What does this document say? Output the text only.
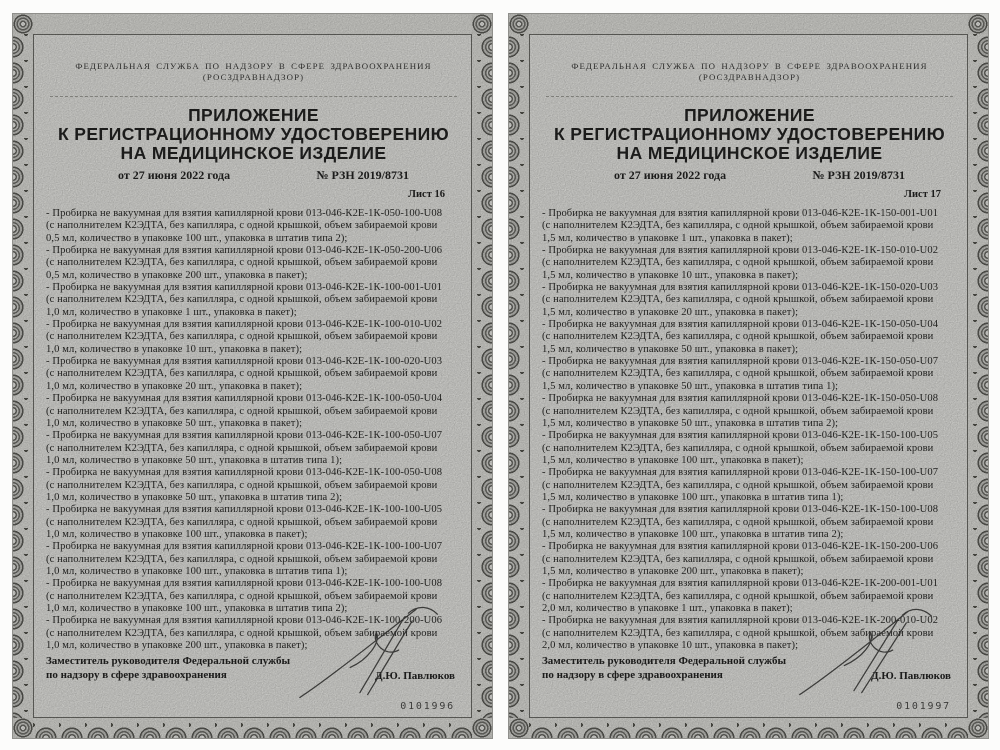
ФЕДЕРАЛЬНАЯ СЛУЖБА ПО НАДЗОРУ В СФЕРЕ ЗДРАВООХРАНЕНИЯ
(РОСЗДРАВНАДЗОР)
ПРИЛОЖЕНИЕ
К РЕГИСТРАЦИОННОМУ УДОСТОВЕРЕНИЮ
НА МЕДИЦИНСКОЕ ИЗДЕЛИЕ
от 27 июня 2022 года	№ РЗН 2019/8731
Лист 16
- Пробирка не вакуумная для взятия капиллярной крови 013-046-К2Е-1К-050-100-U08
(с наполнителем К2ЭДТА, без капилляра, с одной крышкой, объем забираемой крови
0,5 мл, количество в упаковке 100 шт., упаковка в штатив типа 2);
- Пробирка не вакуумная для взятия капиллярной крови 013-046-К2Е-1К-050-200-U06
(с наполнителем К2ЭДТА, без капилляра, с одной крышкой, объем забираемой крови
0,5 мл, количество в упаковке 200 шт., упаковка в пакет);
- Пробирка не вакуумная для взятия капиллярной крови 013-046-К2Е-1К-100-001-U01
(с наполнителем К2ЭДТА, без капилляра, с одной крышкой, объем забираемой крови
1,0 мл, количество в упаковке 1 шт., упаковка в пакет);
- Пробирка не вакуумная для взятия капиллярной крови 013-046-К2Е-1К-100-010-U02
(с наполнителем К2ЭДТА, без капилляра, с одной крышкой, объем забираемой крови
1,0 мл, количество в упаковке 10 шт., упаковка в пакет);
- Пробирка не вакуумная для взятия капиллярной крови 013-046-К2Е-1К-100-020-U03
(с наполнителем К2ЭДТА, без капилляра, с одной крышкой, объем забираемой крови
1,0 мл, количество в упаковке 20 шт., упаковка в пакет);
- Пробирка не вакуумная для взятия капиллярной крови 013-046-К2Е-1К-100-050-U04
(с наполнителем К2ЭДТА, без капилляра, с одной крышкой, объем забираемой крови
1,0 мл, количество в упаковке 50 шт., упаковка в пакет);
- Пробирка не вакуумная для взятия капиллярной крови 013-046-К2Е-1К-100-050-U07
(с наполнителем К2ЭДТА, без капилляра, с одной крышкой, объем забираемой крови
1,0 мл, количество в упаковке 50 шт., упаковка в штатив типа 1);
- Пробирка не вакуумная для взятия капиллярной крови 013-046-К2Е-1К-100-050-U08
(с наполнителем К2ЭДТА, без капилляра, с одной крышкой, объем забираемой крови
1,0 мл, количество в упаковке 50 шт., упаковка в штатив типа 2);
- Пробирка не вакуумная для взятия капиллярной крови 013-046-К2Е-1К-100-100-U05
(с наполнителем К2ЭДТА, без капилляра, с одной крышкой, объем забираемой крови
1,0 мл, количество в упаковке 100 шт., упаковка в пакет);
- Пробирка не вакуумная для взятия капиллярной крови 013-046-К2Е-1К-100-100-U07
(с наполнителем К2ЭДТА, без капилляра, с одной крышкой, объем забираемой крови
1,0 мл, количество в упаковке 100 шт., упаковка в штатив типа 1);
- Пробирка не вакуумная для взятия капиллярной крови 013-046-К2Е-1К-100-100-U08
(с наполнителем К2ЭДТА, без капилляра, с одной крышкой, объем забираемой крови
1,0 мл, количество в упаковке 100 шт., упаковка в штатив типа 2);
- Пробирка не вакуумная для взятия капиллярной крови 013-046-К2Е-1К-100-200-U06
(с наполнителем К2ЭДТА, без капилляра, с одной крышкой, объем забираемой крови
1,0 мл, количество в упаковке 200 шт., упаковка в пакет);
Заместитель руководителя Федеральной службы
по надзору в сфере здравоохранения	Д.Ю. Павлюков
0101996
ФЕДЕРАЛЬНАЯ СЛУЖБА ПО НАДЗОРУ В СФЕРЕ ЗДРАВООХРАНЕНИЯ
(РОСЗДРАВНАДЗОР)
ПРИЛОЖЕНИЕ
К РЕГИСТРАЦИОННОМУ УДОСТОВЕРЕНИЮ
НА МЕДИЦИНСКОЕ ИЗДЕЛИЕ
от 27 июня 2022 года	№ РЗН 2019/8731
Лист 17
- Пробирка не вакуумная для взятия капиллярной крови 013-046-К2Е-1К-150-001-U01
(с наполнителем К2ЭДТА, без капилляра, с одной крышкой, объем забираемой крови
1,5 мл, количество в упаковке 1 шт., упаковка в пакет);
- Пробирка не вакуумная для взятия капиллярной крови 013-046-К2Е-1К-150-010-U02
(с наполнителем К2ЭДТА, без капилляра, с одной крышкой, объем забираемой крови
1,5 мл, количество в упаковке 10 шт., упаковка в пакет);
- Пробирка не вакуумная для взятия капиллярной крови 013-046-К2Е-1К-150-020-U03
(с наполнителем К2ЭДТА, без капилляра, с одной крышкой, объем забираемой крови
1,5 мл, количество в упаковке 20 шт., упаковка в пакет);
- Пробирка не вакуумная для взятия капиллярной крови 013-046-К2Е-1К-150-050-U04
(с наполнителем К2ЭДТА, без капилляра, с одной крышкой, объем забираемой крови
1,5 мл, количество в упаковке 50 шт., упаковка в пакет);
- Пробирка не вакуумная для взятия капиллярной крови 013-046-К2Е-1К-150-050-U07
(с наполнителем К2ЭДТА, без капилляра, с одной крышкой, объем забираемой крови
1,5 мл, количество в упаковке 50 шт., упаковка в штатив типа 1);
- Пробирка не вакуумная для взятия капиллярной крови 013-046-К2Е-1К-150-050-U08
(с наполнителем К2ЭДТА, без капилляра, с одной крышкой, объем забираемой крови
1,5 мл, количество в упаковке 50 шт., упаковка в штатив типа 2);
- Пробирка не вакуумная для взятия капиллярной крови 013-046-К2Е-1К-150-100-U05
(с наполнителем К2ЭДТА, без капилляра, с одной крышкой, объем забираемой крови
1,5 мл, количество в упаковке 100 шт., упаковка в пакет);
- Пробирка не вакуумная для взятия капиллярной крови 013-046-К2Е-1К-150-100-U07
(с наполнителем К2ЭДТА, без капилляра, с одной крышкой, объем забираемой крови
1,5 мл, количество в упаковке 100 шт., упаковка в штатив типа 1);
- Пробирка не вакуумная для взятия капиллярной крови 013-046-К2Е-1К-150-100-U08
(с наполнителем К2ЭДТА, без капилляра, с одной крышкой, объем забираемой крови
1,5 мл, количество в упаковке 100 шт., упаковка в штатив типа 2);
- Пробирка не вакуумная для взятия капиллярной крови 013-046-К2Е-1К-150-200-U06
(с наполнителем К2ЭДТА, без капилляра, с одной крышкой, объем забираемой крови
1,5 мл, количество в упаковке 200 шт., упаковка в пакет);
- Пробирка не вакуумная для взятия капиллярной крови 013-046-К2Е-1К-200-001-U01
(с наполнителем К2ЭДТА, без капилляра, с одной крышкой, объем забираемой крови
2,0 мл, количество в упаковке 1 шт., упаковка в пакет);
- Пробирка не вакуумная для взятия капиллярной крови 013-046-К2Е-1К-200-010-U02
(с наполнителем К2ЭДТА, без капилляра, с одной крышкой, объем забираемой крови
2,0 мл, количество в упаковке 10 шт., упаковка в пакет);
Заместитель руководителя Федеральной службы
по надзору в сфере здравоохранения	Д.Ю. Павлюков
0101997
